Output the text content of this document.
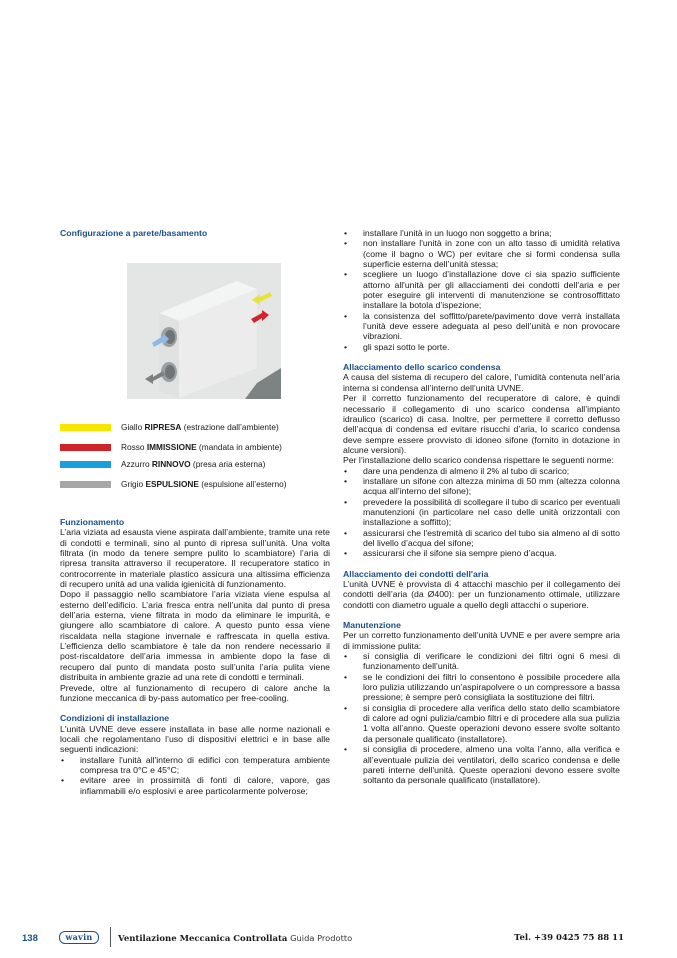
Configurazione a parete/basamento
Giallo RIPRESA (estrazione dall’ambiente)
Rosso IMMISSIONE (mandata in ambiente)
Azzurro RINNOVO (presa aria esterna)
Grigio ESPULSIONE (espulsione all’esterno)
Funzionamento

L’aria viziata ad esausta viene aspirata dall’ambiente, tramite una rete di condotti e terminali, sino al punto di ripresa sull’unità. Una volta filtrata (in modo da tenere sempre pulito lo scambiatore) l’aria di ripresa transita attraverso il recuperatore. Il recuperatore statico in controcorrente in materiale plastico assicura una altissima efficienza di recupero unità ad una valida igienicità di funzionamento.

Dopo il passaggio nello scambiatore l’aria viziata viene espulsa al esterno dell’edificio. L’aria fresca entra nell’unita dal punto di presa dell’aria esterna, viene filtrata in modo da eliminare le impurità, e giungere allo scambiatore di calore. A questo punto essa viene riscaldata nella stagione invernale e raffrescata in quella estiva. L’efficienza dello scambiatore è tale da non rendere necessario il post-riscaldatore dell’aria immessa in ambiente dopo la fase di recupero dal punto di mandata posto sull’unita l’aria pulita viene distribuita in ambiente grazie ad una rete di condotti e terminali.

Prevede, oltre al funzionamento di recupero di calore anche la funzione meccanica di by-pass automatico per free-cooling.

Condizioni di installazione

L'unità UVNE deve essere installata in base alle norme nazionali e locali che regolamentano l’uso di dispositivi elettrici e in base alle seguenti indicazioni:

• installare l'unità all'interno di edifici con temperatura ambiente compresa tra 0°C e 45°C;
• evitare aree in prossimità di fonti di calore, vapore, gas infiammabili e/o esplosivi e aree particolarmente polverose;
• installare l'unità in un luogo non soggetto a brina;
• non installare l'unità in zone con un alto tasso di umidità relativa (come il bagno o WC) per evitare che si formi condensa sulla superficie esterna dell’unità stessa;
• scegliere un luogo d’installazione dove ci sia spazio sufficiente attorno all'unità per gli allacciamenti dei condotti dell’aria e per poter eseguire gli interventi di manutenzione se controsoffittato installare la botola d’ispezione;
• la consistenza del soffitto/parete/pavimento dove verrà installata l’unità deve essere adeguata al peso dell’unità e non provocare vibrazioni.
• gli spazi sotto le porte.
Allacciamento dello scarico condensa

A causa del sistema di recupero del calore, l’umidità contenuta nell’aria interna si condensa all’interno dell’unità UVNE.

Per il corretto funzionamento del recuperatore di calore, è quindi necessario il collegamento di uno scarico condensa all’impianto idraulico (scarico) di casa. Inoltre, per permettere il corretto deflusso dell’acqua di condensa ed evitare risucchi d’aria, lo scarico condensa deve sempre essere provvisto di idoneo sifone (fornito in dotazione in alcune versioni).

Per l’installazione dello scarico condensa rispettare le seguenti norme:

• dare una pendenza di almeno il 2% al tubo di scarico;
• installare un sifone con altezza minima di 50 mm (altezza colonna acqua all’interno del sifone);
• prevedere la possibilità di scollegare il tubo di scarico per eventuali manutenzioni (in particolare nel caso delle unità orizzontali con installazione a soffitto);
• assicurarsi che l'estremità di scarico del tubo sia almeno al di sotto del livello d’acqua del sifone;
• assicurarsi che il sifone sia sempre pieno d’acqua.
Allacciamento dei condotti dell'aria

L’unità UVNE è provvista di 4 attacchi maschio per il collegamento dei condotti dell’aria (da Ø400): per un funzionamento ottimale, utilizzare condotti con diametro uguale a quello degli attacchi o superiore.

Manutenzione

Per un corretto funzionamento dell’unità UVNE e per avere sempre aria di immissione pulita:

• si consiglia di verificare le condizioni dei filtri ogni 6 mesi di funzionamento dell’unità.
• se le condizioni dei filtri lo consentono è possibile procedere alla loro pulizia utilizzando un’aspirapolvere o un compressore a bassa pressione; è sempre però consigliata la sostituzione dei filtri.
• si consiglia di procedere alla verifica dello stato dello scambiatore di calore ad ogni pulizia/cambio filtri e di procedere alla sua pulizia 1 volta all’anno. Queste operazioni devono essere svolte soltanto da personale qualificato (installatore).
• si consiglia di procedere, almeno una volta l’anno, alla verifica e all’eventuale pulizia dei ventilatori, dello scarico condensa e delle pareti interne dell'unità. Queste operazioni devono essere svolte soltanto da personale qualificato (installatore).
138	wavin	Ventilazione Meccanica Controllata Guida Prodotto	Tel. +39 0425 75 88 11
